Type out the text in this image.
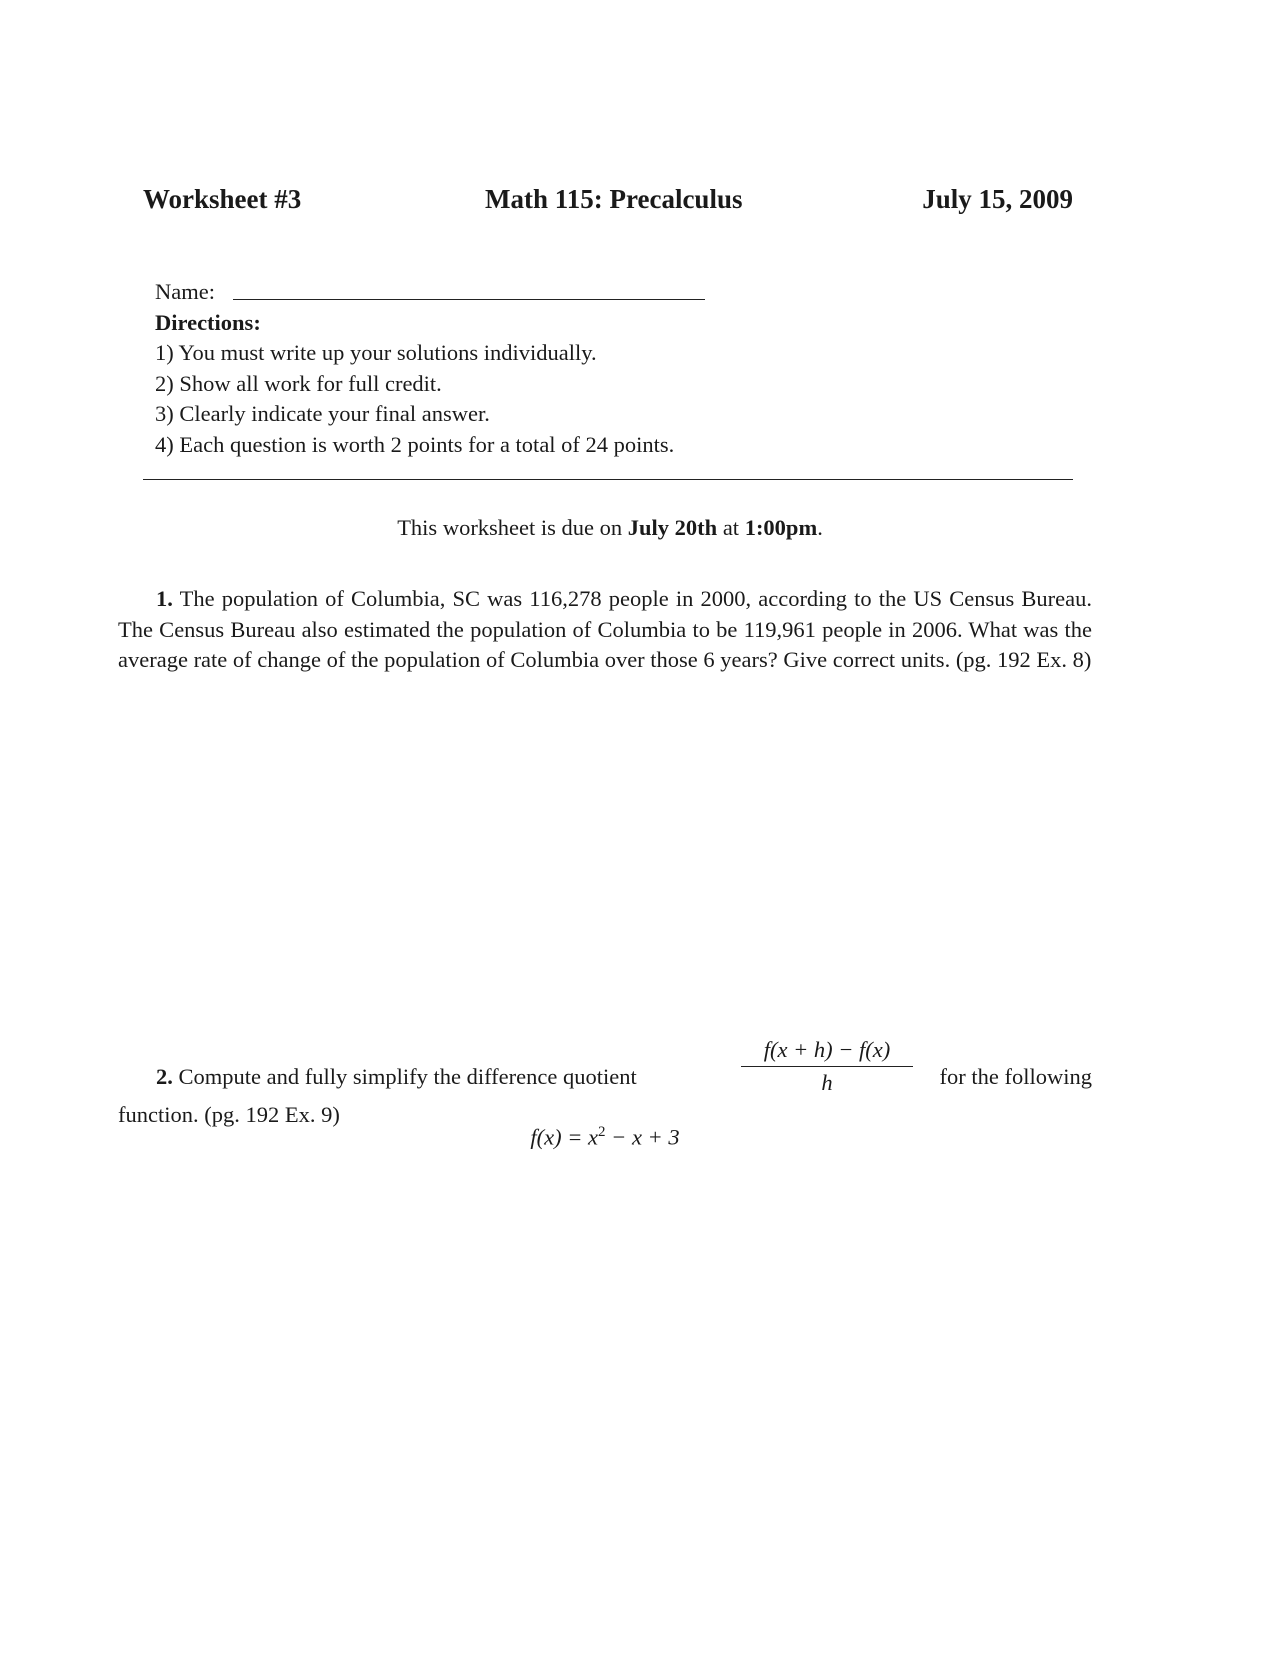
Worksheet #3	Math 115: Precalculus	July 15, 2009
Name:
Directions:
1) You must write up your solutions individually.
2) Show all work for full credit.
3) Clearly indicate your final answer.
4) Each question is worth 2 points for a total of 24 points.
This worksheet is due on July 20th at 1:00pm.
1. The population of Columbia, SC was 116,278 people in 2000, according to the US Census Bureau. The Census Bureau also estimated the population of Columbia to be 119,961 people in 2006. What was the average rate of change of the population of Columbia over those 6 years? Give correct units. (pg. 192 Ex. 8)
2. Compute and fully simplify the difference quotient
f(x + h) − f(x)
h	for the following
function. (pg. 192 Ex. 9)
$f(x) = x^2 - x + 3$
